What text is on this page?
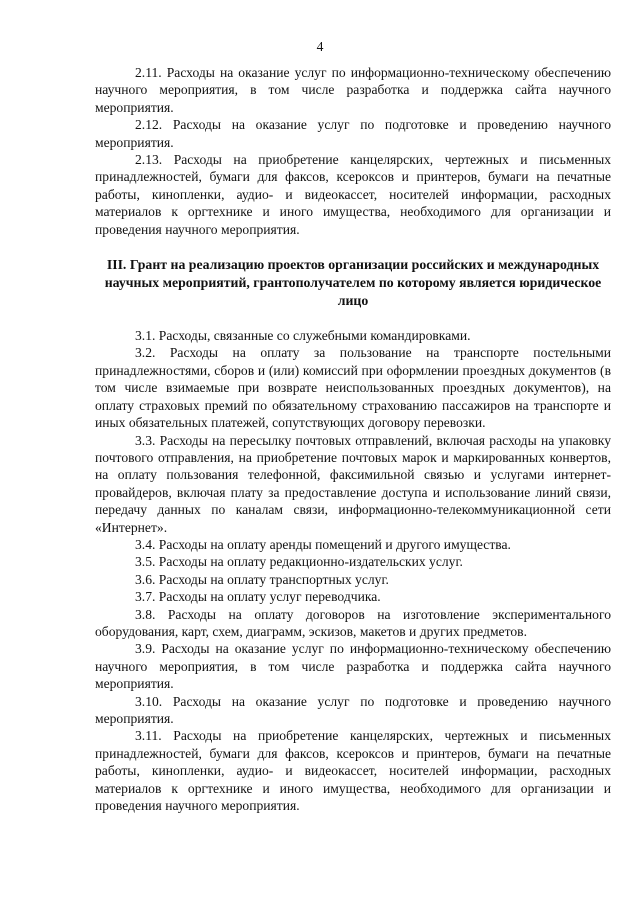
4

2.11. Расходы на оказание услуг по информационно-техническому обеспечению научного мероприятия, в том числе разработка и поддержка сайта научного мероприятия.

2.12. Расходы на оказание услуг по подготовке и проведению научного мероприятия.

2.13. Расходы на приобретение канцелярских, чертежных и письменных принадлежностей, бумаги для факсов, ксероксов и принтеров, бумаги на печатные работы, кинопленки, аудио- и видеокассет, носителей информации, расходных материалов к оргтехнике и иного имущества, необходимого для организации и проведения научного мероприятия.

III. Грант на реализацию проектов организации российских и международных научных мероприятий, грантополучателем по которому является юридическое лицо

3.1. Расходы, связанные со служебными командировками.

3.2. Расходы на оплату за пользование на транспорте постельными принадлежностями, сборов и (или) комиссий при оформлении проездных документов (в том числе взимаемые при возврате неиспользованных проездных документов), на оплату страховых премий по обязательному страхованию пассажиров на транспорте и иных обязательных платежей, сопутствующих договору перевозки.

3.3. Расходы на пересылку почтовых отправлений, включая расходы на упаковку почтового отправления, на приобретение почтовых марок и маркированных конвертов, на оплату пользования телефонной, факсимильной связью и услугами интернет-провайдеров, включая плату за предоставление доступа и использование линий связи, передачу данных по каналам связи, информационно-телекоммуникационной сети «Интернет».

3.4. Расходы на оплату аренды помещений и другого имущества.

3.5. Расходы на оплату редакционно-издательских услуг.

3.6. Расходы на оплату транспортных услуг.

3.7. Расходы на оплату услуг переводчика.

3.8. Расходы на оплату договоров на изготовление экспериментального оборудования, карт, схем, диаграмм, эскизов, макетов и других предметов.

3.9. Расходы на оказание услуг по информационно-техническому обеспечению научного мероприятия, в том числе разработка и поддержка сайта научного мероприятия.

3.10. Расходы на оказание услуг по подготовке и проведению научного мероприятия.

3.11. Расходы на приобретение канцелярских, чертежных и письменных принадлежностей, бумаги для факсов, ксероксов и принтеров, бумаги на печатные работы, кинопленки, аудио- и видеокассет, носителей информации, расходных материалов к оргтехнике и иного имущества, необходимого для организации и проведения научного мероприятия.
